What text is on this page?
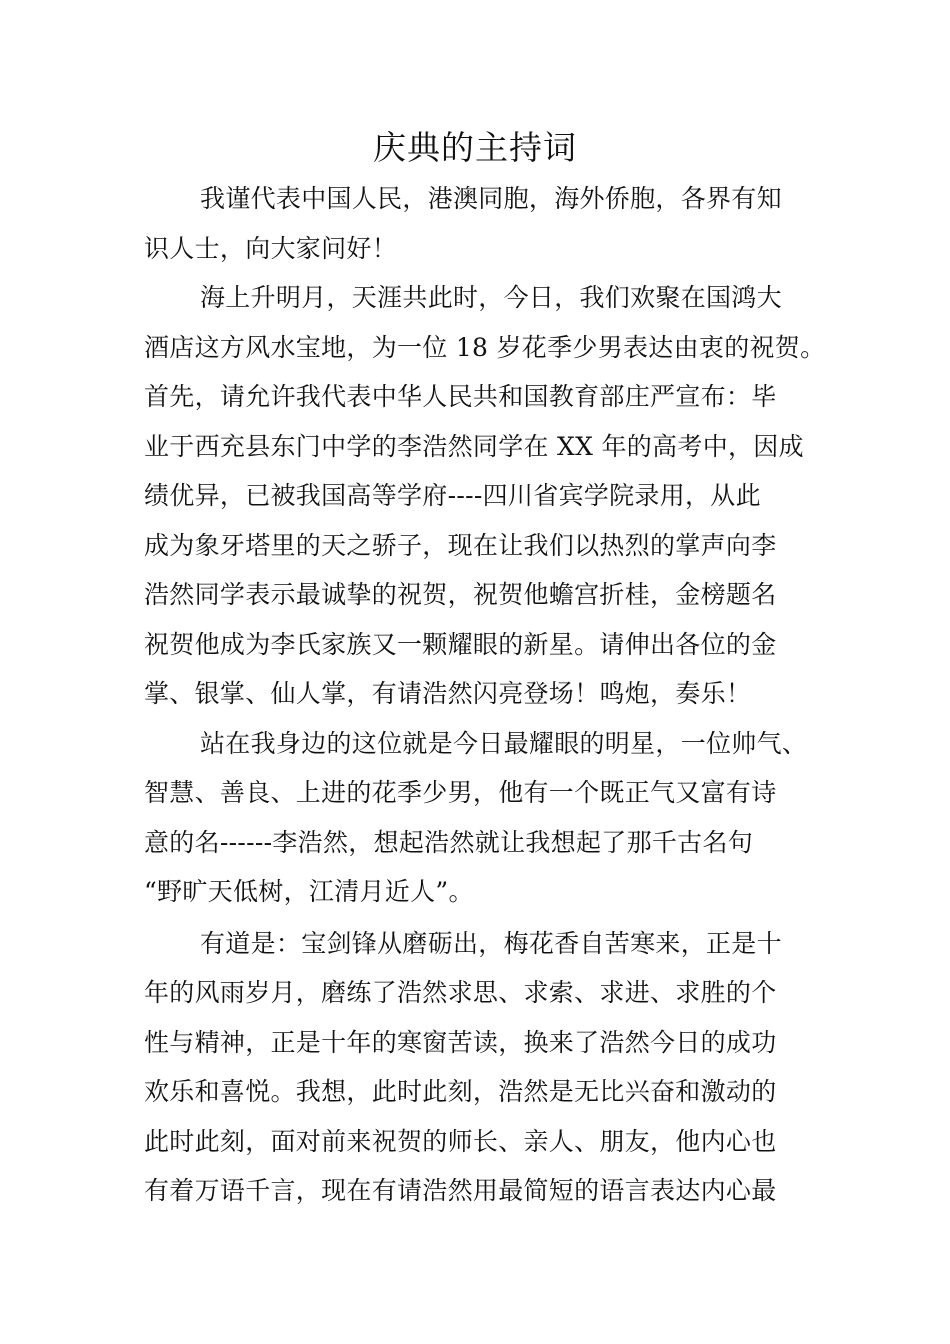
庆典的主持词
我谨代表中国人民，港澳同胞，海外侨胞，各界有知
识人士，向大家问好！
海上升明月，天涯共此时，今日，我们欢聚在国鸿大
酒店这方风水宝地，为一位 18 岁花季少男表达由衷的祝贺。
首先，请允许我代表中华人民共和国教育部庄严宣布：毕
业于西充县东门中学的李浩然同学在 XX 年的高考中，因成
绩优异，已被我国高等学府----四川省宾学院录用，从此
成为象牙塔里的天之骄子，现在让我们以热烈的掌声向李
浩然同学表示最诚挚的祝贺，祝贺他蟾宫折桂，金榜题名
祝贺他成为李氏家族又一颗耀眼的新星。请伸出各位的金
掌、银掌、仙人掌，有请浩然闪亮登场！鸣炮，奏乐！
站在我身边的这位就是今日最耀眼的明星，一位帅气、
智慧、善良、上进的花季少男，他有一个既正气又富有诗
意的名------李浩然，想起浩然就让我想起了那千古名句
“野旷天低树，江清月近人”。
有道是：宝剑锋从磨砺出，梅花香自苦寒来，正是十
年的风雨岁月，磨练了浩然求思、求索、求进、求胜的个
性与精神，正是十年的寒窗苦读，换来了浩然今日的成功
欢乐和喜悦。我想，此时此刻，浩然是无比兴奋和激动的
此时此刻，面对前来祝贺的师长、亲人、朋友，他内心也
有着万语千言，现在有请浩然用最简短的语言表达内心最
